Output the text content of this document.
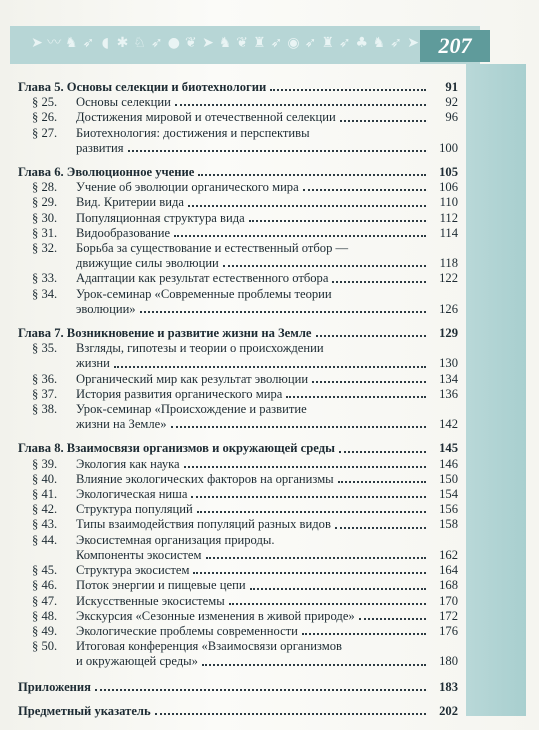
➤ 〰 ♞ ➶ ◖ ✱ ♘ ➶ ● ❦ ➤ ♞ ❦ ♜ ➶ ◉ ➶ ♜ ➶ ♣ ♞ ➶ ➤ 207
Глава 5. Основы селекции и биотехнологии	91
§ 25. Основы селекции	92
§ 26. Достижения мировой и отечественной селекции	96
§ 27. Биотехнология: достижения и перспективы
развития	100
Глава 6. Эволюционное учение	105
§ 28. Учение об эволюции органического мира	106
§ 29. Вид. Критерии вида	110
§ 30. Популяционная структура вида	112
§ 31. Видообразование	114
§ 32. Борьба за существование и естественный отбор —
движущие силы эволюции	118
§ 33. Адаптации как результат естественного отбора	122
§ 34. Урок-семинар «Современные проблемы теории
эволюции»	126
Глава 7. Возникновение и развитие жизни на Земле	129
§ 35. Взгляды, гипотезы и теории о происхождении
жизни	130
§ 36. Органический мир как результат эволюции	134
§ 37. История развития органического мира	136
§ 38. Урок-семинар «Происхождение и развитие
жизни на Земле»	142
Глава 8. Взаимосвязи организмов и окружающей среды	145
§ 39. Экология как наука	146
§ 40. Влияние экологических факторов на организмы	150
§ 41. Экологическая ниша	154
§ 42. Структура популяций	156
§ 43. Типы взаимодействия популяций разных видов	158
§ 44. Экосистемная организация природы.
Компоненты экосистем	162
§ 45. Структура экосистем	164
§ 46. Поток энергии и пищевые цепи	168
§ 47. Искусственные экосистемы	170
§ 48. Экскурсия «Сезонные изменения в живой природе»	172
§ 49. Экологические проблемы современности	176
§ 50. Итоговая конференция «Взаимосвязи организмов
и окружающей среды»	180
Приложения	183
Предметный указатель	202
